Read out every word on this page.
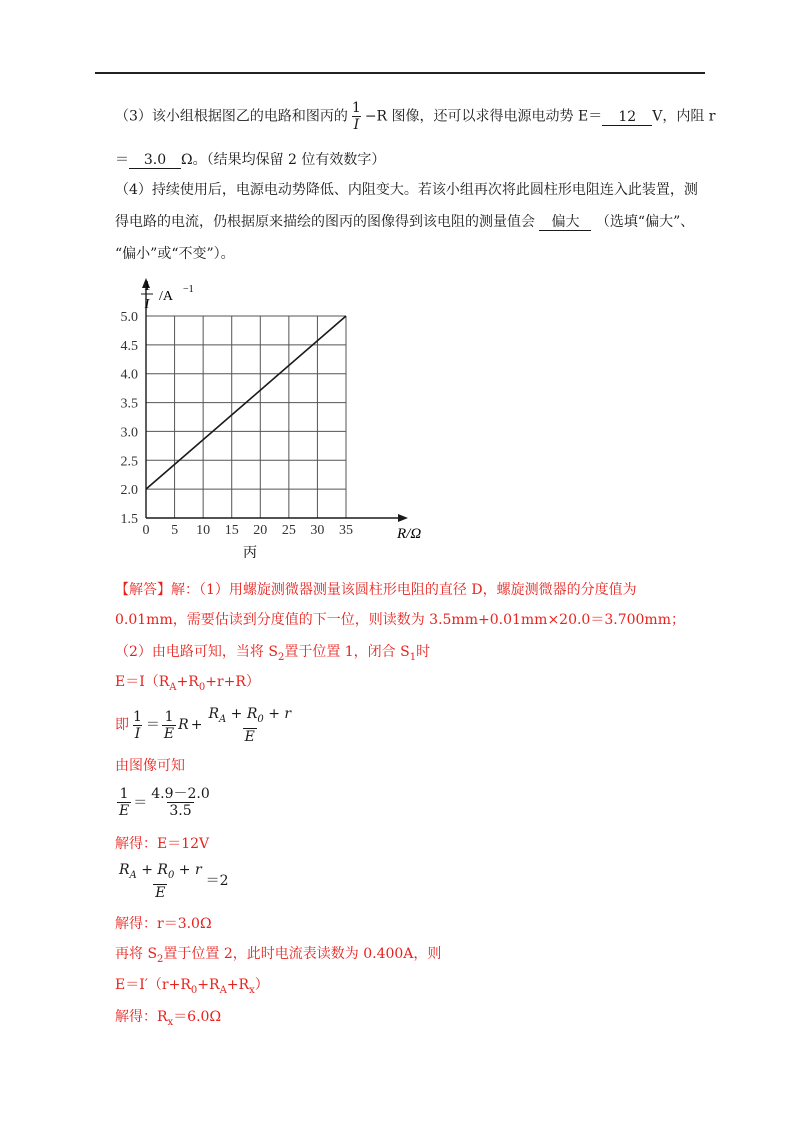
（3）该小组根据图乙的电路和图丙的 $\frac{1}{I} -R$ 图像，还可以求得电源电动势 E＝ 12 V，内阻 r
＝ 3.0 Ω。（结果均保留 2 位有效数字）
（4）持续使用后，电源电动势降低、内阻变大。若该小组再次将此圆柱形电阻连入此装置，测
得电路的电流，仍根据原来描绘的图丙的图像得到该电阻的测量值会 偏大 （选填“偏大”、
“偏小”或“不变”）。
0 5 10 15 20 25 30 35
1.5
2.0
2.5
3.0
3.5
4.0
4.5
5.0
1
I
/A −1
R/Ω
丙
【解答】解：（1）用螺旋测微器测量该圆柱形电阻的直径 D，螺旋测微器的分度值为
0.01mm，需要估读到分度值的下一位，则读数为 3.5mm+0.01mm×20.0＝3.700mm；
（2）由电路可知，当将 $S_2$置于位置 1，闭合 $S_1$时
$E=I(R_A+R_0+r+R)$
即 $\frac{1}{I} = \frac{1}{E}$ $R + \frac{R_A + R_0 + r}{E}$
由图像可知
$\frac{1}{E} = \frac{4.9-2.0}{3.5}$
解得：E＝12V
$\frac{R_A + R_0 + r}{E} =2$
解得：r＝3.0Ω
再将 $S_2$置于位置 2，此时电流表读数为 0.400A，则
$E=I'(r+R_0+R_A+R_x)$
解得：$R_x=6.0\Omega$
